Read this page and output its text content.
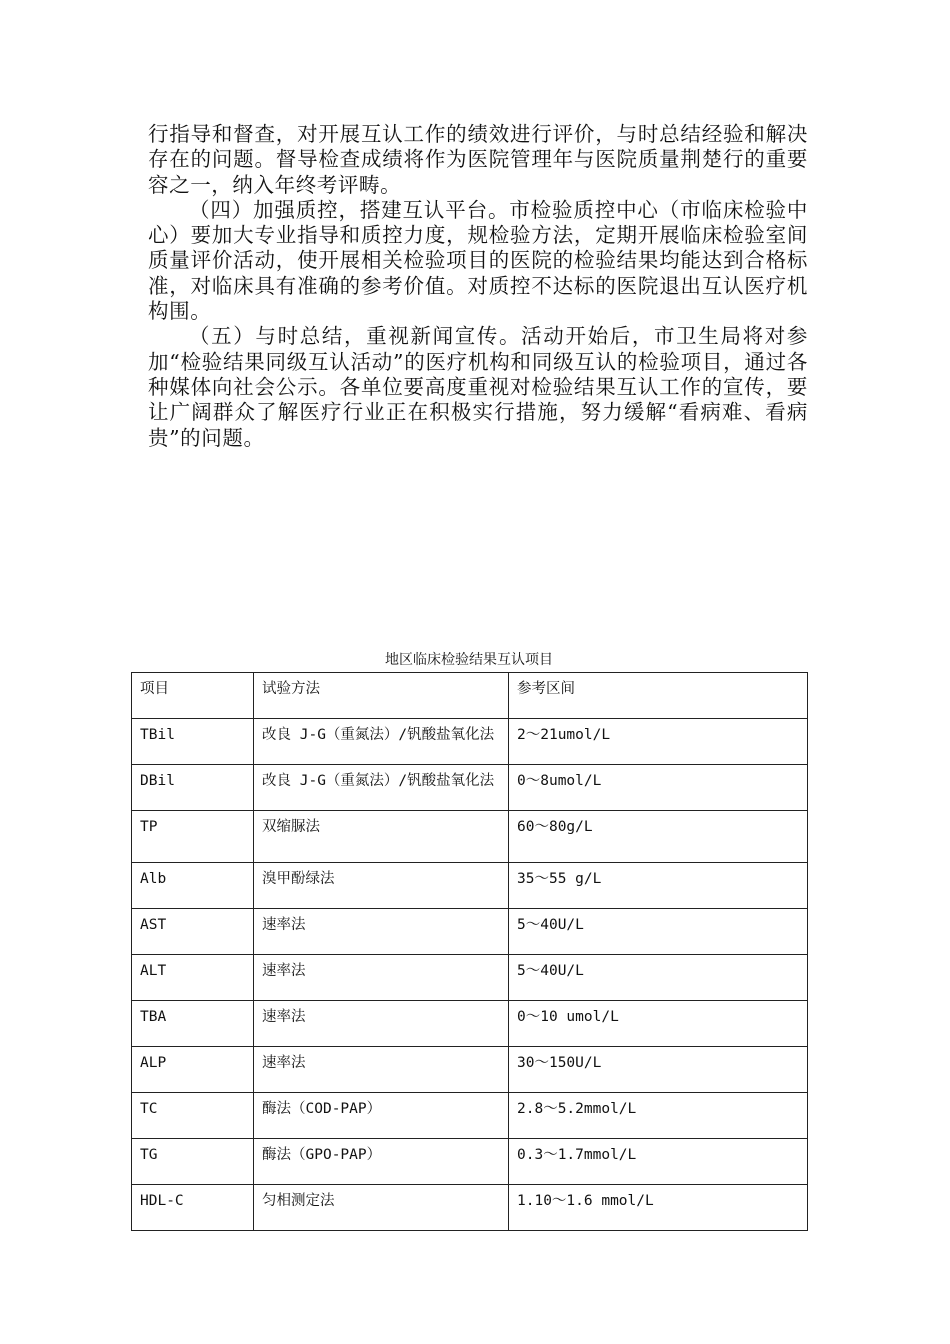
行指导和督查，对开展互认工作的绩效进行评价，与时总结经验和解决存在的问题。督导检查成绩将作为医院管理年与医院质量荆楚行的重要容之一，纳入年终考评畴。

（四）加强质控，搭建互认平台。市检验质控中心（市临床检验中心）要加大专业指导和质控力度，规检验方法，定期开展临床检验室间质量评价活动，使开展相关检验项目的医院的检验结果均能达到合格标准，对临床具有准确的参考价值。对质控不达标的医院退出互认医疗机构围。

（五）与时总结，重视新闻宣传。活动开始后，市卫生局将对参加“检验结果同级互认活动”的医疗机构和同级互认的检验项目，通过各种媒体向社会公示。各单位要高度重视对检验结果互认工作的宣传，要让广阔群众了解医疗行业正在积极实行措施，努力缓解“看病难、看病贵”的问题。

地区临床检验结果互认项目
项目	试验方法	参考区间
TBil	改良 J-G（重氮法）/钒酸盐氧化法	2～21umol/L
DBil	改良 J-G（重氮法）/钒酸盐氧化法	0～8umol/L
TP	双缩脲法	60～80g/L
Alb	溴甲酚绿法	35～55 g/L
AST	速率法	5～40U/L
ALT	速率法	5～40U/L
TBA	速率法	0～10 umol/L
ALP	速率法	30～150U/L
TC	酶法（COD-PAP）	2.8～5.2mmol/L
TG	酶法（GPO-PAP）	0.3～1.7mmol/L
HDL-C	匀相测定法	1.10～1.6 mmol/L
